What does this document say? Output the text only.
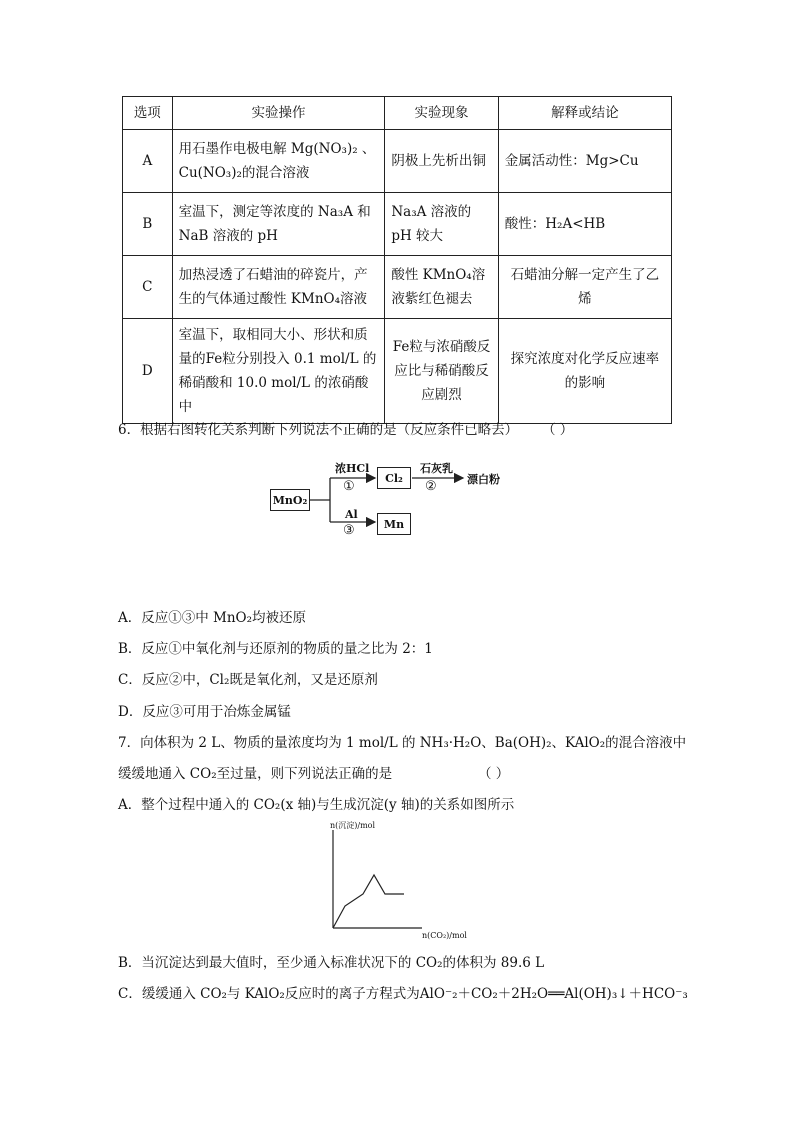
选项	实验操作	实验现象	解释或结论
A	用石墨作电极电解 Mg(NO₃)₂ 、Cu(NO₃)₂的混合溶液	阴极上先析出铜	金属活动性：Mg>Cu
B	室温下，测定等浓度的 Na₃A 和 NaB 溶液的 pH	Na₃A 溶液的 pH 较大	酸性：H₂A<HB
C	加热浸透了石蜡油的碎瓷片，产生的气体通过酸性 KMnO₄溶液	酸性 KMnO₄溶液紫红色褪去	石蜡油分解一定产生了乙烯
D	室温下，取相同大小、形状和质量的Fe粒分别投入 0.1 mol/L 的稀硝酸和 10.0 mol/L 的浓硝酸中	Fe粒与浓硝酸反应比与稀硝酸反应剧烈	探究浓度对化学反应速率的影响
6．根据右图转化关系判断下列说法不正确的是（反应条件已略去） （ ）
MnO₂
浓HCl
①
Cl₂
石灰乳
②	漂白粉
Al
③	Mn
A．反应①③中 MnO₂均被还原
B．反应①中氧化剂与还原剂的物质的量之比为 2：1
C．反应②中，Cl₂既是氧化剂，又是还原剂
D．反应③可用于冶炼金属锰
7．向体积为 2 L、物质的量浓度均为 1 mol/L 的 NH₃·H₂O、Ba(OH)₂、KAlO₂的混合溶液中
缓缓地通入 CO₂至过量，则下列说法正确的是	（ ）
A．整个过程中通入的 CO₂(x 轴)与生成沉淀(y 轴)的关系如图所示
n(沉淀)/mol
n(CO₂)/mol
B．当沉淀达到最大值时，至少通入标准状况下的 CO₂的体积为 89.6 L
C．缓缓通入 CO₂与 KAlO₂反应时的离子方程式为AlO⁻₂＋CO₂＋2H₂O══Al(OH)₃↓＋HCO⁻₃
